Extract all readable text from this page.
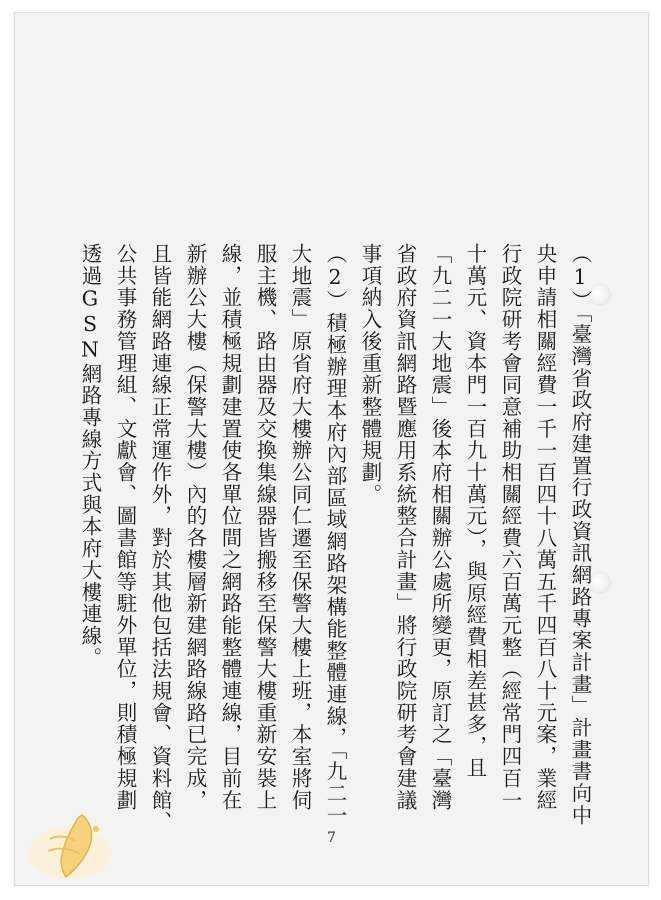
（1）「臺灣省政府建置行政資訊網路專案計畫」計畫書向中
央申請相關經費一千一百四十八萬五千四百八十元案，業經
行政院研考會同意補助相關經費六百萬元整（經常門四百一
十萬元、資本門一百九十萬元），與原經費相差甚多，且
「九二一大地震」後本府相關辦公處所變更，原訂之「臺灣
省政府資訊網路暨應用系統整合計畫」將行政院研考會建議
事項納入後重新整體規劃。
（2）積極辦理本府內部區域網路架構能整體連線，「九二一
大地震」原省府大樓辦公同仁遷至保警大樓上班，本室將伺
服主機、路由器及交換集線器皆搬移至保警大樓重新安裝上
線，並積極規劃建置使各單位間之網路能整體連線，目前在
新辦公大樓（保警大樓）內的各樓層新建網路線路已完成，
且皆能網路連線正常運作外，對於其他包括法規會、資料館、
公共事務管理組、文獻會、圖書館等駐外單位，則積極規劃
透過GSN網路專線方式與本府大樓連線。
7
